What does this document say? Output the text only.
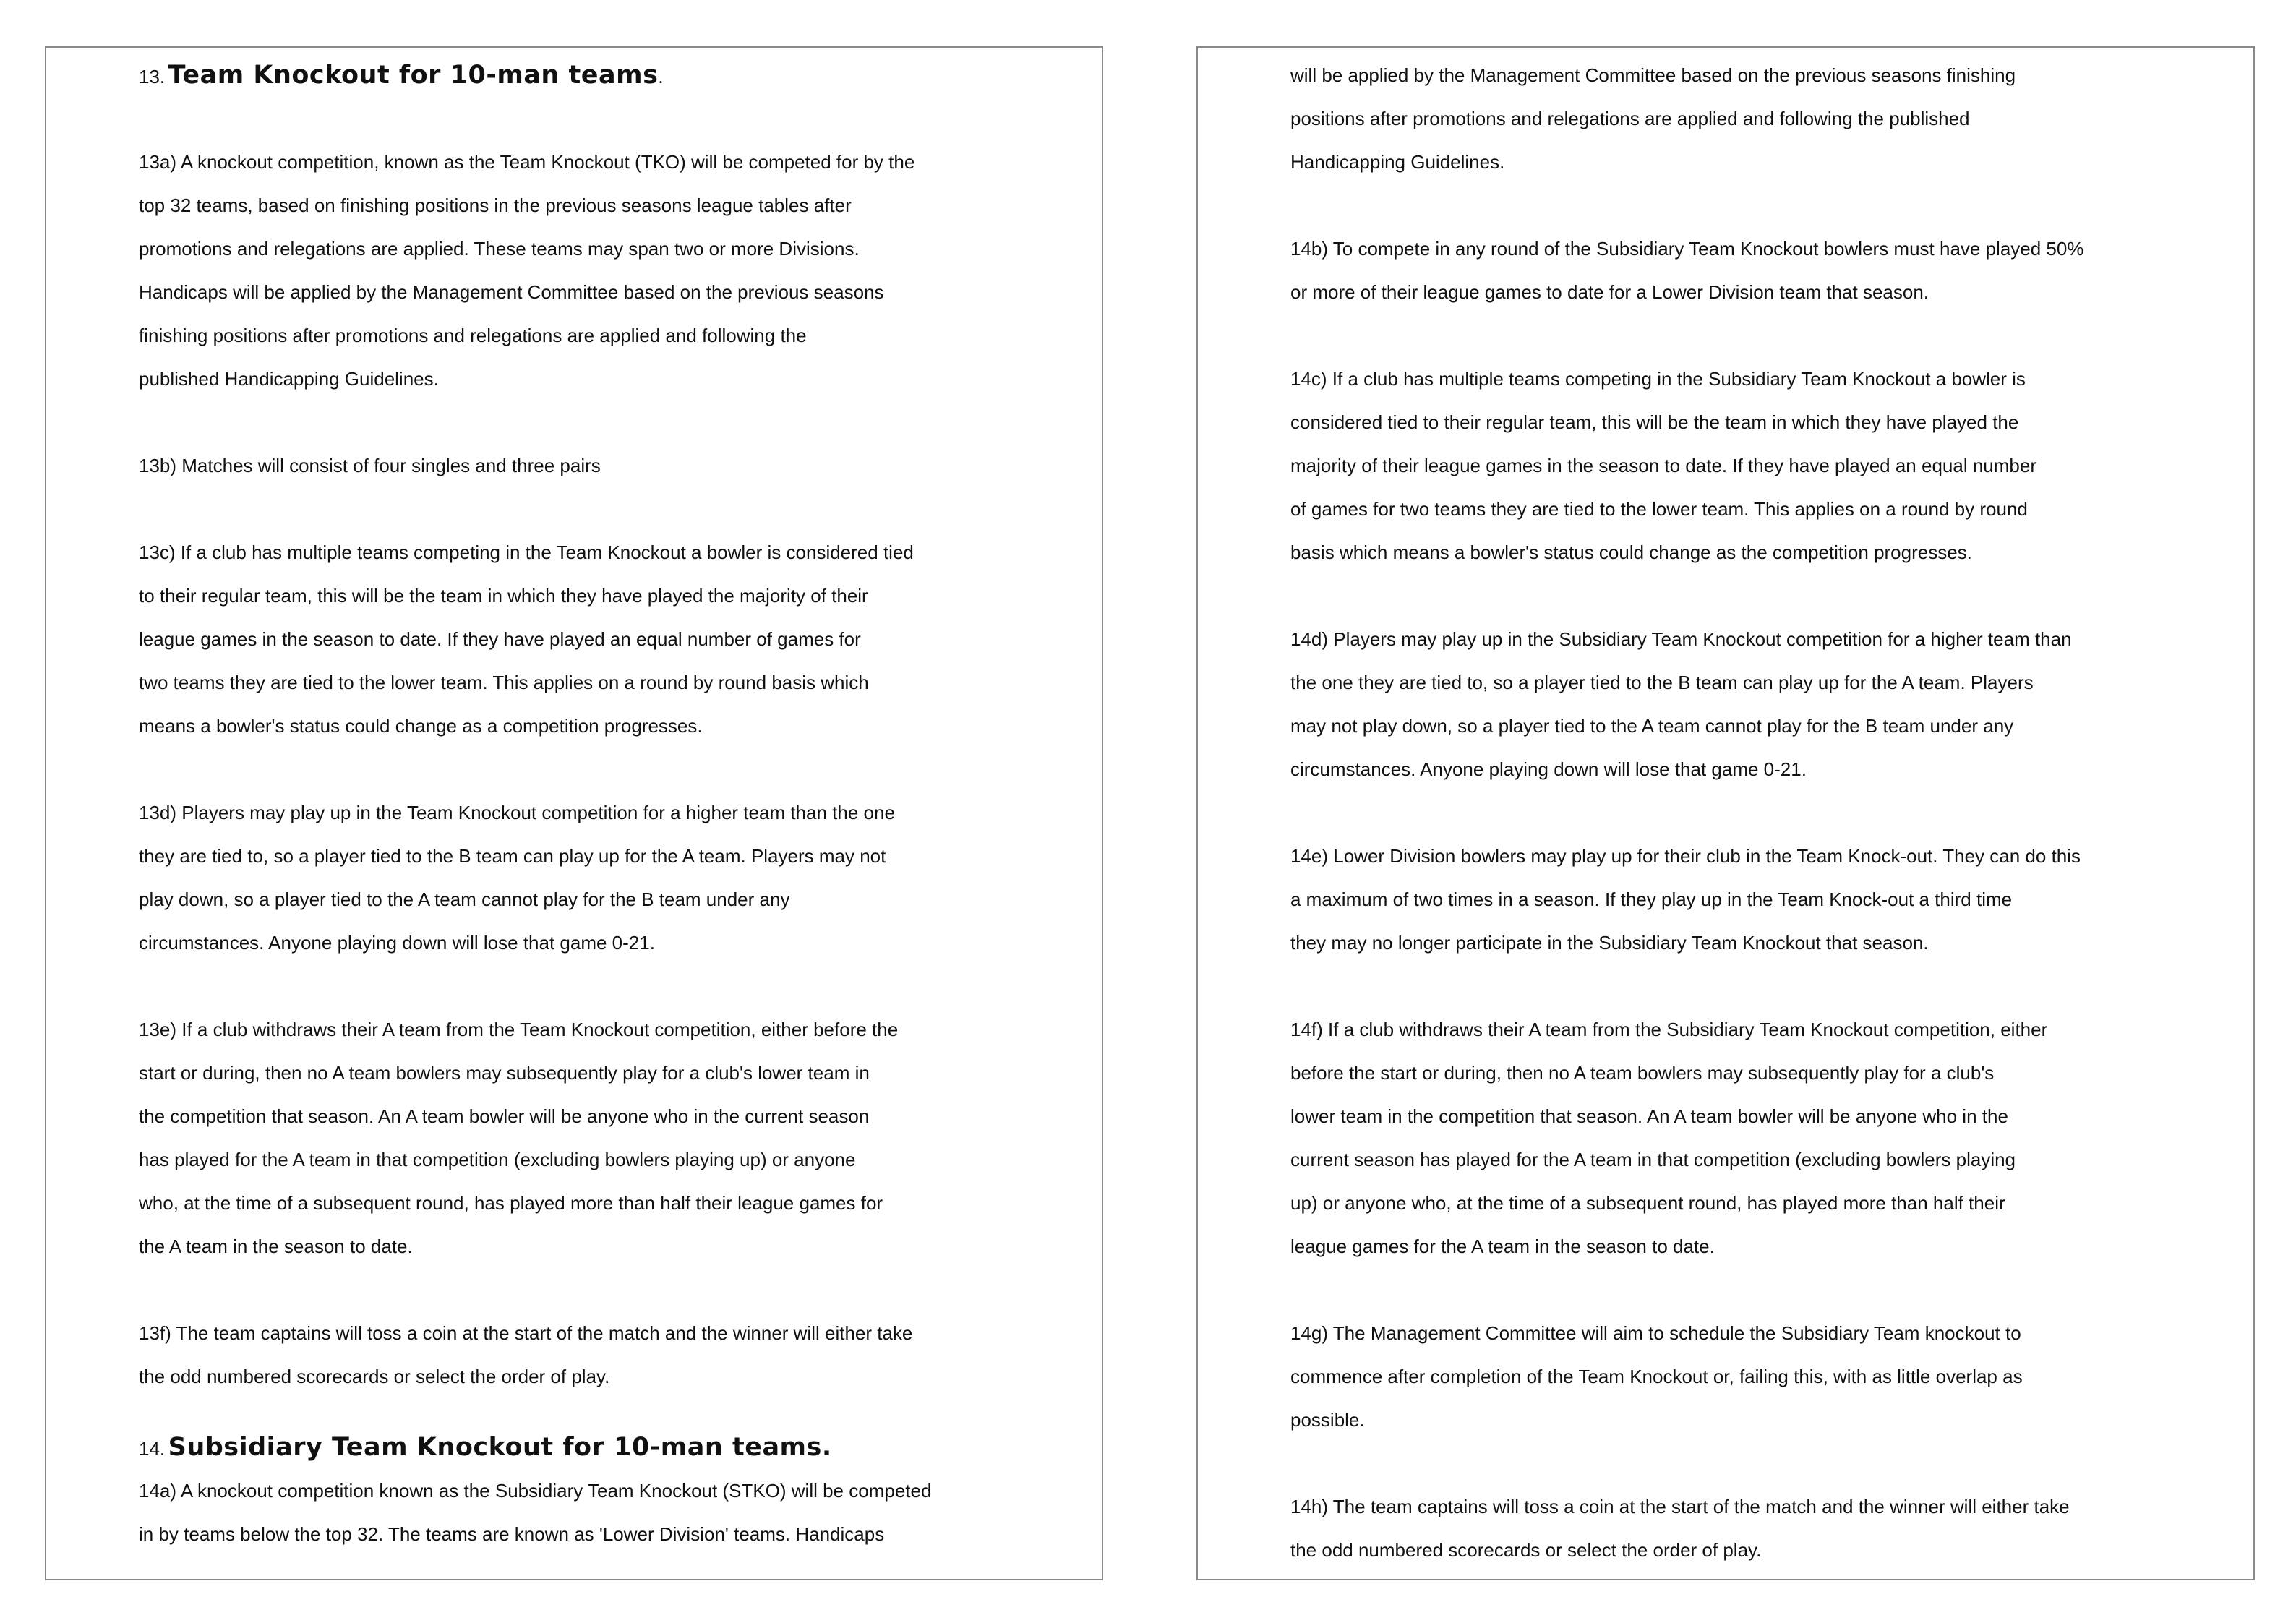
13. Team Knockout for 10-man teams.
13a) A knockout competition, known as the Team Knockout (TKO) will be competed for by the
top 32 teams, based on finishing positions in the previous seasons league tables after
promotions and relegations are applied. These teams may span two or more Divisions.
Handicaps will be applied by the Management Committee based on the previous seasons
finishing positions after promotions and relegations are applied and following the
published Handicapping Guidelines.
13b) Matches will consist of four singles and three pairs
13c) If a club has multiple teams competing in the Team Knockout a bowler is considered tied
to their regular team, this will be the team in which they have played the majority of their
league games in the season to date. If they have played an equal number of games for
two teams they are tied to the lower team. This applies on a round by round basis which
means a bowler's status could change as a competition progresses.
13d) Players may play up in the Team Knockout competition for a higher team than the one
they are tied to, so a player tied to the B team can play up for the A team. Players may not
play down, so a player tied to the A team cannot play for the B team under any
circumstances. Anyone playing down will lose that game 0-21.
13e) If a club withdraws their A team from the Team Knockout competition, either before the
start or during, then no A team bowlers may subsequently play for a club's lower team in
the competition that season. An A team bowler will be anyone who in the current season
has played for the A team in that competition (excluding bowlers playing up) or anyone
who, at the time of a subsequent round, has played more than half their league games for
the A team in the season to date.
13f) The team captains will toss a coin at the start of the match and the winner will either take
the odd numbered scorecards or select the order of play.
14. Subsidiary Team Knockout for 10-man teams.
14a) A knockout competition known as the Subsidiary Team Knockout (STKO) will be competed
in by teams below the top 32. The teams are known as 'Lower Division' teams. Handicaps
will be applied by the Management Committee based on the previous seasons finishing
positions after promotions and relegations are applied and following the published
Handicapping Guidelines.
14b) To compete in any round of the Subsidiary Team Knockout bowlers must have played 50%
or more of their league games to date for a Lower Division team that season.
14c) If a club has multiple teams competing in the Subsidiary Team Knockout a bowler is
considered tied to their regular team, this will be the team in which they have played the
majority of their league games in the season to date. If they have played an equal number
of games for two teams they are tied to the lower team. This applies on a round by round
basis which means a bowler's status could change as the competition progresses.
14d) Players may play up in the Subsidiary Team Knockout competition for a higher team than
the one they are tied to, so a player tied to the B team can play up for the A team. Players
may not play down, so a player tied to the A team cannot play for the B team under any
circumstances. Anyone playing down will lose that game 0-21.
14e) Lower Division bowlers may play up for their club in the Team Knock-out. They can do this
a maximum of two times in a season. If they play up in the Team Knock-out a third time
they may no longer participate in the Subsidiary Team Knockout that season.
14f) If a club withdraws their A team from the Subsidiary Team Knockout competition, either
before the start or during, then no A team bowlers may subsequently play for a club's
lower team in the competition that season. An A team bowler will be anyone who in the
current season has played for the A team in that competition (excluding bowlers playing
up) or anyone who, at the time of a subsequent round, has played more than half their
league games for the A team in the season to date.
14g) The Management Committee will aim to schedule the Subsidiary Team knockout to
commence after completion of the Team Knockout or, failing this, with as little overlap as
possible.
14h) The team captains will toss a coin at the start of the match and the winner will either take
the odd numbered scorecards or select the order of play.
